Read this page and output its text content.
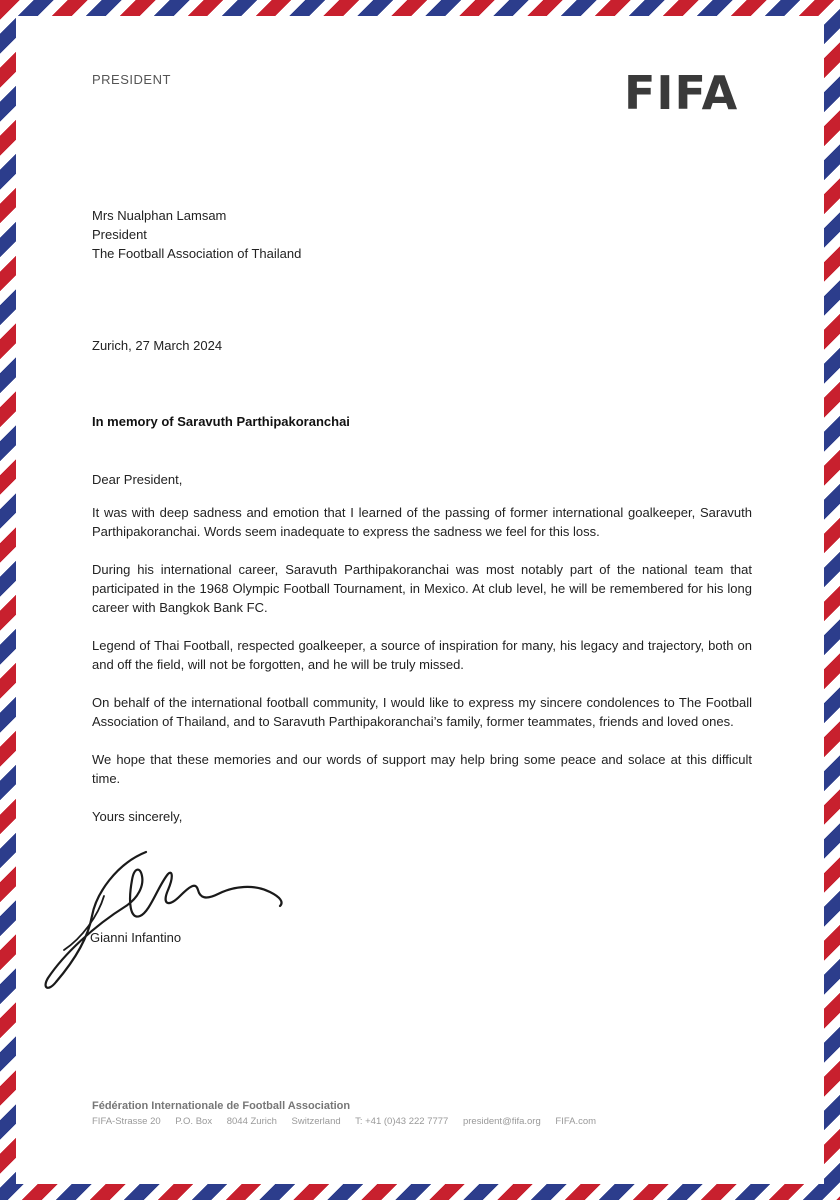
PRESIDENT	FIFA
Mrs Nualphan Lamsam
President
The Football Association of Thailand
Zurich, 27 March 2024
In memory of Saravuth Parthipakoranchai

Dear President,

It was with deep sadness and emotion that I learned of the passing of former international goalkeeper, Saravuth Parthipakoranchai. Words seem inadequate to express the sadness we feel for this loss.

During his international career, Saravuth Parthipakoranchai was most notably part of the national team that participated in the 1968 Olympic Football Tournament, in Mexico. At club level, he will be remembered for his long career with Bangkok Bank FC.

Legend of Thai Football, respected goalkeeper, a source of inspiration for many, his legacy and trajectory, both on and off the field, will not be forgotten, and he will be truly missed.

On behalf of the international football community, I would like to express my sincere condolences to The Football Association of Thailand, and to Saravuth Parthipakoranchai’s family, former teammates, friends and loved ones.

We hope that these memories and our words of support may help bring some peace and solace at this difficult time.

Yours sincerely,

Gianni Infantino
Fédération Internationale de Football Association
FIFA-Strasse 20 P.O. Box 8044 Zurich Switzerland T: +41 (0)43 222 7777 president@fifa.org FIFA.com
